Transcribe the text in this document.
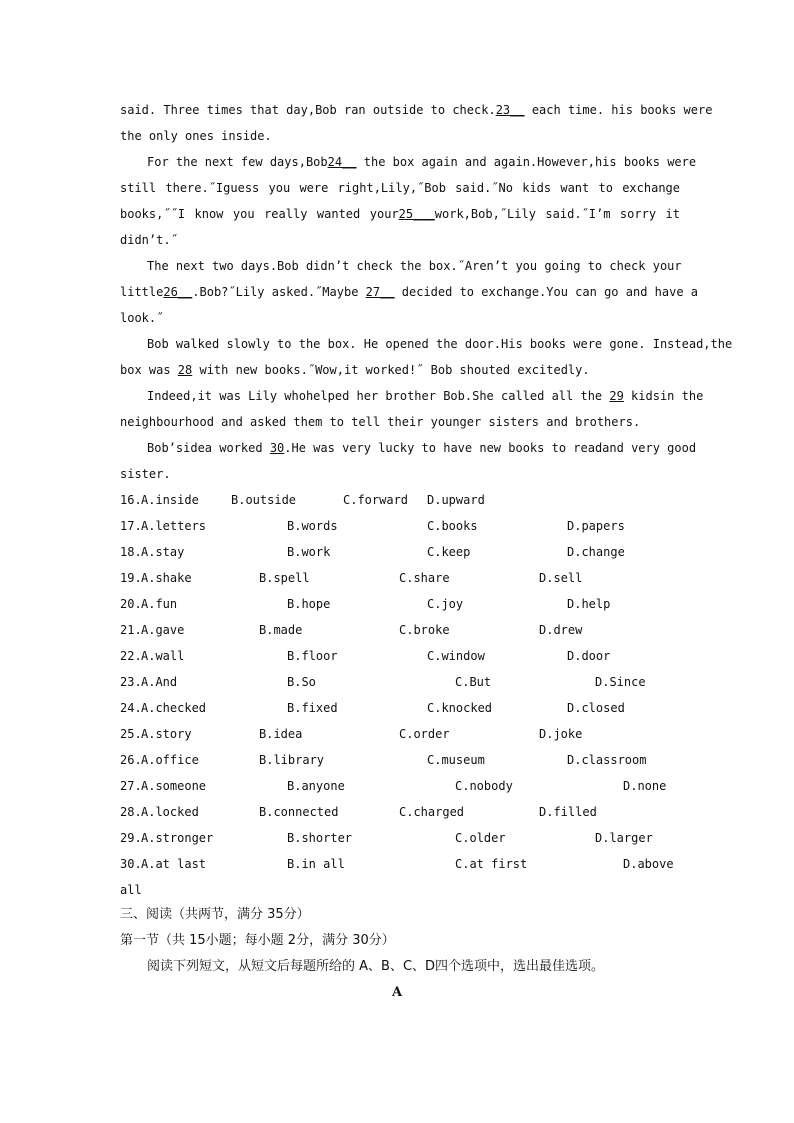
said. Three times that day,Bob ran outside to check.23__ each time. his books were
the only ones inside.
For the next few days,Bob24__ the box again and again.However,his books were
still there.˝Iguess you were right,Lily,˝Bob said.˝No kids want to exchange
books,˝˝I know you really wanted your25___work,Bob,˝Lily said.˝I’m sorry it
didn’t.˝
The next two days.Bob didn’t check the box.˝Aren’t you going to check your
little26__.Bob?˝Lily asked.˝Maybe 27__ decided to exchange.You can go and have a
look.˝
Bob walked slowly to the box. He opened the door.His books were gone. Instead,the
box was 28 with new books.˝Wow,it worked!˝ Bob shouted excitedly.
Indeed,it was Lily whohelped her brother Bob.She called all the 29 kidsin the
neighbourhood and asked them to tell their younger sisters and brothers.
Bob’sidea worked 30.He was very lucky to have new books to readand very good
sister.
16. A.inside	B.outside	C.forward D.upward
17. A.letters	B.words	C.books	D.papers
18. A.stay	B.work	C.keep	D.change
19. A.shake	B.spell	C.share	D.sell
20. A.fun	B.hope	C.joy	D.help
21. A.gave	B.made	C.broke	D.drew
22. A.wall	B.floor	C.window	D.door
23. A.And	B.So	C.But	D.Since
24. A.checked	B.fixed	C.knocked	D.closed
25. A.story	B.idea	C.order	D.joke
26. A.office	B.library	C.museum	D.classroom
27. A.someone	B.anyone	C.nobody	D.none
28. A.locked	B.connected	C.charged	D.filled
29. A.stronger	B.shorter	C.older	D.larger
30. A.at last	B.in all	C.at first	D.above
all
三、阅读（共两节，满分 35分）
第一节（共 15小题；每小题 2分，满分 30分）
阅读下列短文，从短文后每题所给的 A、B、C、D四个选项中，选出最佳选项。
A
